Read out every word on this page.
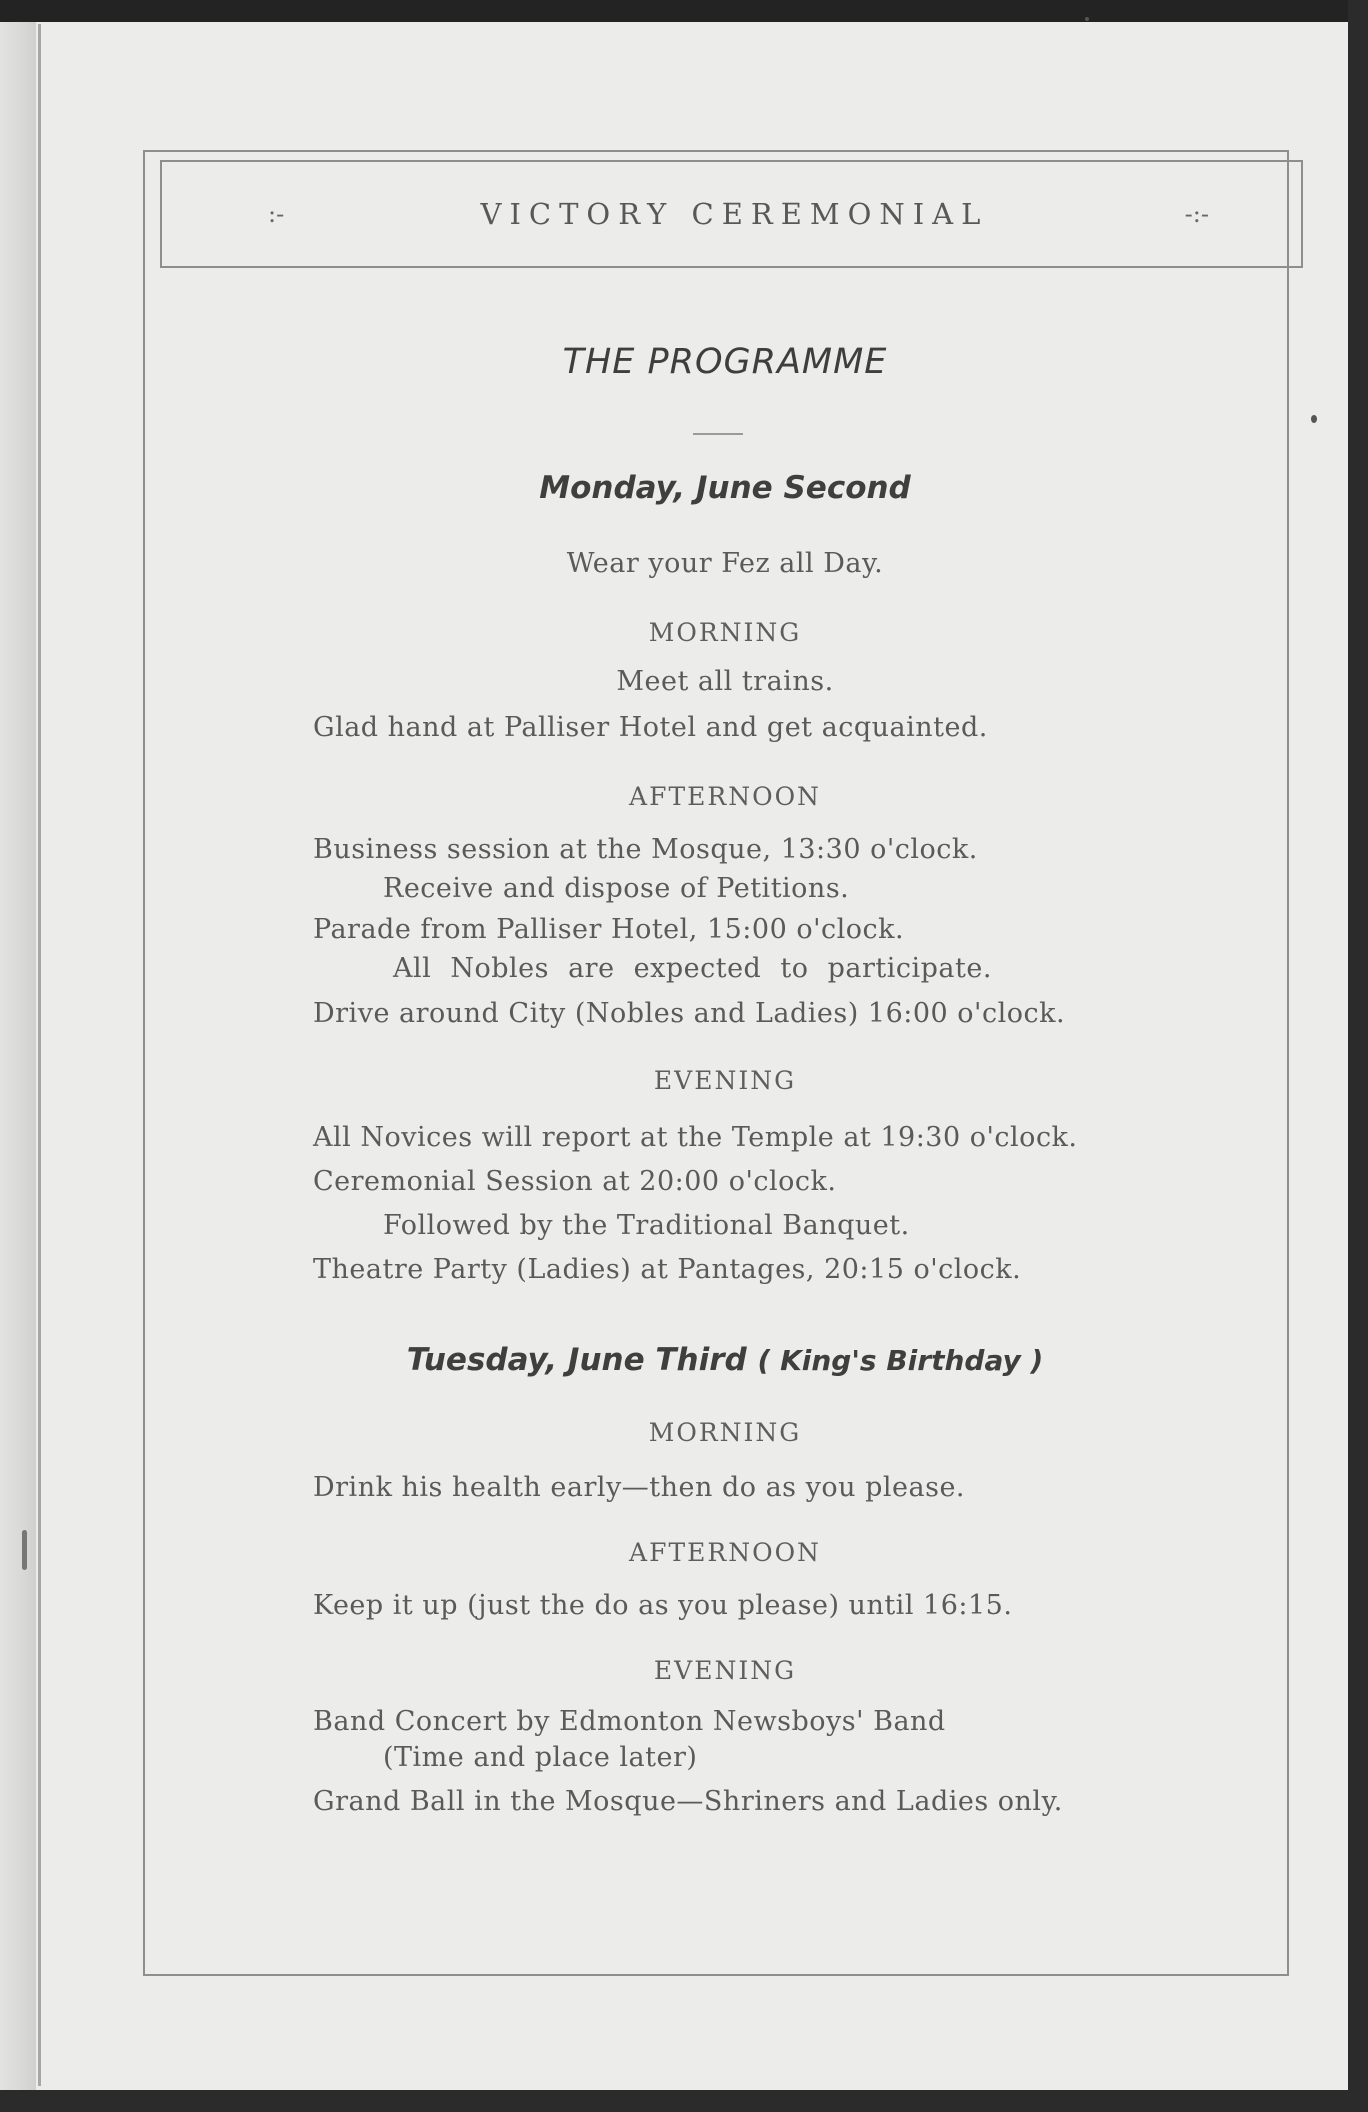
:-	VICTORY CEREMONIAL	-:-
THE PROGRAMME
Monday, June Second
Wear your Fez all Day.
MORNING
Meet all trains.
Glad hand at Palliser Hotel and get acquainted.
AFTERNOON
Business session at the Mosque, 13:30 o'clock.
Receive and dispose of Petitions.
Parade from Palliser Hotel, 15:00 o'clock.
All Nobles are expected to participate.
Drive around City (Nobles and Ladies) 16:00 o'clock.
EVENING
All Novices will report at the Temple at 19:30 o'clock.
Ceremonial Session at 20:00 o'clock.
Followed by the Traditional Banquet.
Theatre Party (Ladies) at Pantages, 20:15 o'clock.
Tuesday, June Third ( King's Birthday )
MORNING
Drink his health early—then do as you please.
AFTERNOON
Keep it up (just the do as you please) until 16:15.
EVENING
Band Concert by Edmonton Newsboys' Band
(Time and place later)
Grand Ball in the Mosque—Shriners and Ladies only.
